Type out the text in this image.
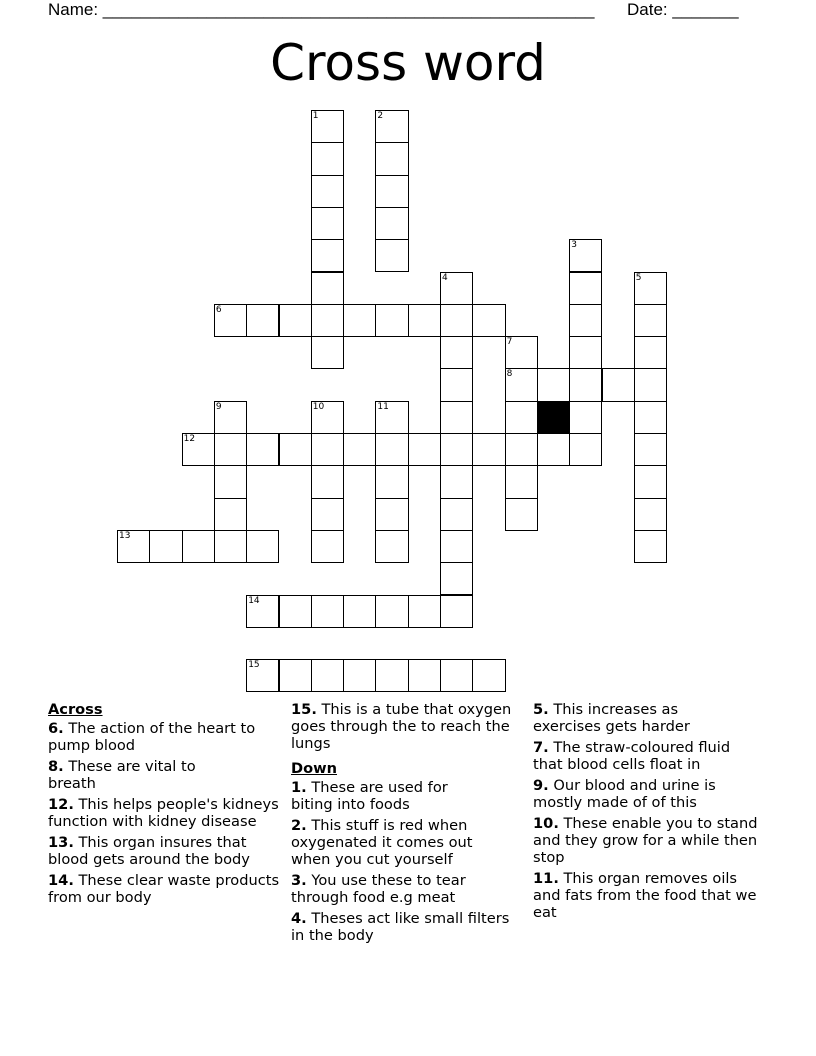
Name: ____________________________________________________ Date: _______
Cross word
1	2
3
4	5
6
7
8
9	10	11
12
13
14
15
Across
6. The action of the heart to pump blood
8. These are vital to breath
12. This helps people's kidneys function with kidney disease
13. This organ insures that blood gets around the body
14. These clear waste products from our body
15. This is a tube that oxygen goes through the to reach the lungs
Down
1. These are used for biting into foods
2. This stuff is red when oxygenated it comes out when you cut yourself
3. You use these to tear through food e.g meat
4. Theses act like small filters in the body
5. This increases as exercises gets harder
7. The straw-coloured fluid that blood cells float in
9. Our blood and urine is mostly made of of this
10. These enable you to stand and they grow for a while then stop
11. This organ removes oils and fats from the food that we eat
